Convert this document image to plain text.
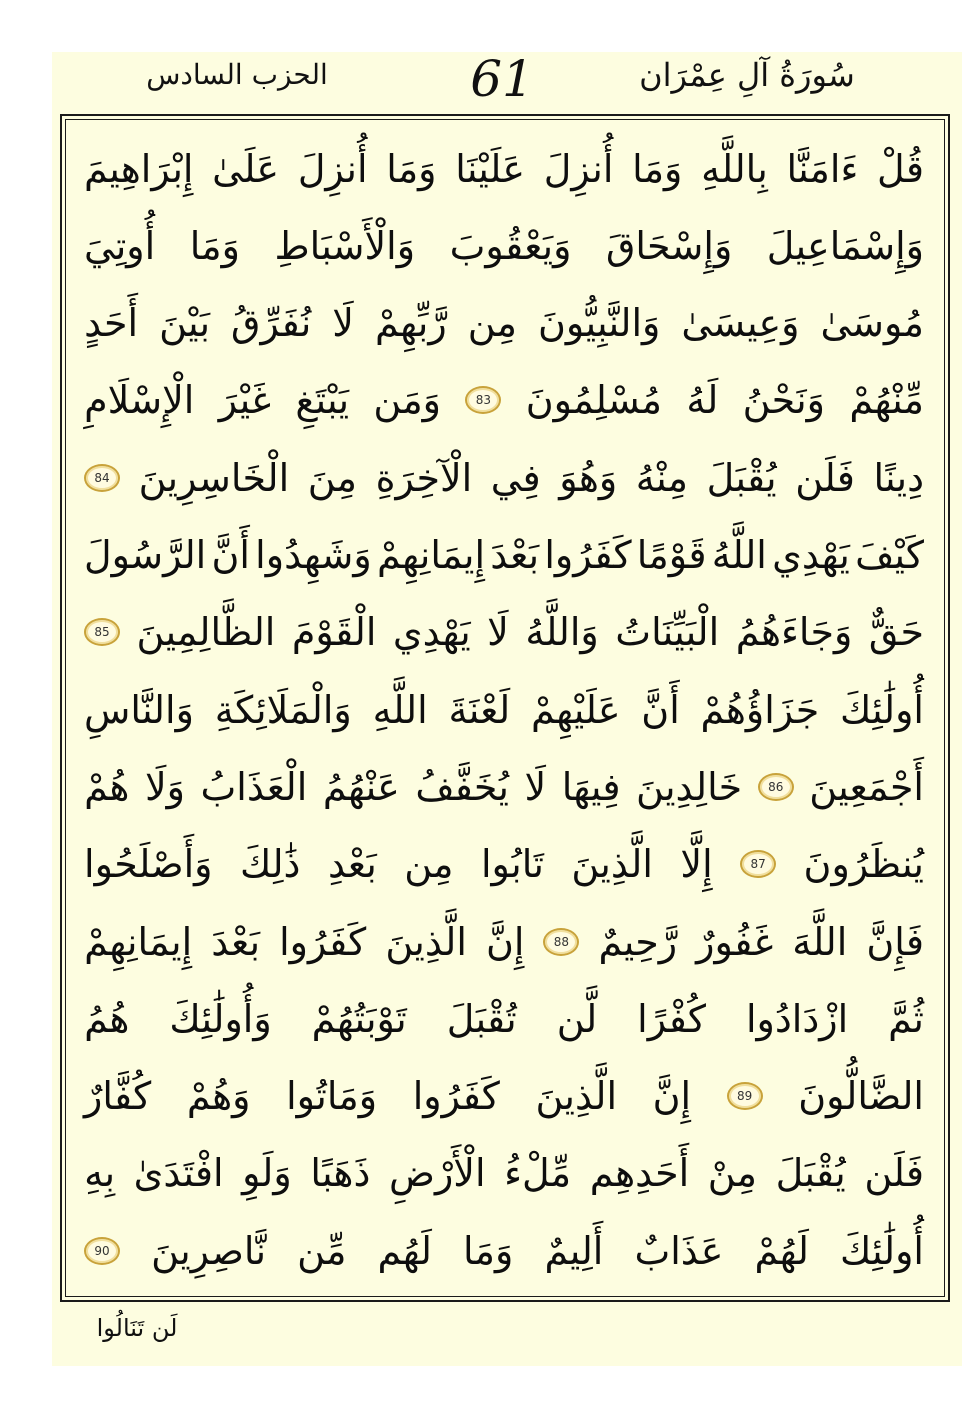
الحزب السادس	61	سُورَةُ آلِ عِمْرَان
قُلْ
ءَامَنَّا
بِاللَّهِ
وَمَا
أُنزِلَ
عَلَيْنَا
وَمَا
أُنزِلَ
عَلَىٰ
إِبْرَاهِيمَ
وَإِسْمَاعِيلَ
وَإِسْحَاقَ
وَيَعْقُوبَ
وَالْأَسْبَاطِ
وَمَا
أُوتِيَ
مُوسَىٰ
وَعِيسَىٰ
وَالنَّبِيُّونَ
مِن
رَّبِّهِمْ
لَا
نُفَرِّقُ
بَيْنَ
أَحَدٍ
مِّنْهُمْ
وَنَحْنُ
لَهُ
مُسْلِمُونَ
83
وَمَن
يَبْتَغِ
غَيْرَ
الْإِسْلَامِ
دِينًا
فَلَن
يُقْبَلَ
مِنْهُ
وَهُوَ
فِي
الْآخِرَةِ
مِنَ
الْخَاسِرِينَ
84
كَيْفَ
يَهْدِي
اللَّهُ
قَوْمًا
كَفَرُوا
بَعْدَ
إِيمَانِهِمْ
وَشَهِدُوا
أَنَّ
الرَّسُولَ
حَقٌّ
وَجَاءَهُمُ
الْبَيِّنَاتُ
وَاللَّهُ
لَا
يَهْدِي
الْقَوْمَ
الظَّالِمِينَ
85
أُولَٰئِكَ
جَزَاؤُهُمْ
أَنَّ
عَلَيْهِمْ
لَعْنَةَ
اللَّهِ
وَالْمَلَائِكَةِ
وَالنَّاسِ
أَجْمَعِينَ
86
خَالِدِينَ
فِيهَا
لَا
يُخَفَّفُ
عَنْهُمُ
الْعَذَابُ
وَلَا
هُمْ
يُنظَرُونَ
87
إِلَّا
الَّذِينَ
تَابُوا
مِن
بَعْدِ
ذَٰلِكَ
وَأَصْلَحُوا
فَإِنَّ
اللَّهَ
غَفُورٌ
رَّحِيمٌ
88
إِنَّ
الَّذِينَ
كَفَرُوا
بَعْدَ
إِيمَانِهِمْ
ثُمَّ
ازْدَادُوا
كُفْرًا
لَّن
تُقْبَلَ
تَوْبَتُهُمْ
وَأُولَٰئِكَ
هُمُ
الضَّالُّونَ
89
إِنَّ
الَّذِينَ
كَفَرُوا
وَمَاتُوا
وَهُمْ
كُفَّارٌ
فَلَن
يُقْبَلَ
مِنْ
أَحَدِهِم
مِّلْءُ
الْأَرْضِ
ذَهَبًا
وَلَوِ
افْتَدَىٰ
بِهِ
أُولَٰئِكَ
لَهُمْ
عَذَابٌ
أَلِيمٌ
وَمَا
لَهُم
مِّن
نَّاصِرِينَ
90
لَن تَنَالُوا
